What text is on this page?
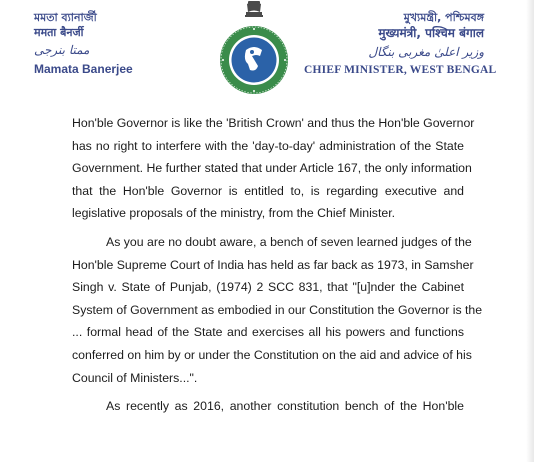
মমতা ব্যানার্জী
ममता बैनर्जी
ممتا بنرجی
Mamata Banerjee
মুখ্যমন্ত্রী, পশ্চিমবঙ্গ
मुख्यमंत्री, पश्चिम बंगाल
وزیر اعلیٰ مغربی بنگال
CHIEF MINISTER, WEST BENGAL
Hon'ble Governor is like the 'British Crown' and thus the Hon'ble Governor
has no right to interfere with the 'day-to-day' administration of the State
Government. He further stated that under Article 167, the only information
that the Hon'ble Governor is entitled to, is regarding executive and
legislative proposals of the ministry, from the Chief Minister.
As you are no doubt aware, a bench of seven learned judges of the
Hon'ble Supreme Court of India has held as far back as 1973, in Samsher
Singh v. State of Punjab, (1974) 2 SCC 831, that "[u]nder the Cabinet
System of Government as embodied in our Constitution the Governor is the
... formal head of the State and exercises all his powers and functions
conferred on him by or under the Constitution on the aid and advice of his
Council of Ministers...".
As recently as 2016, another constitution bench of the Hon'ble
